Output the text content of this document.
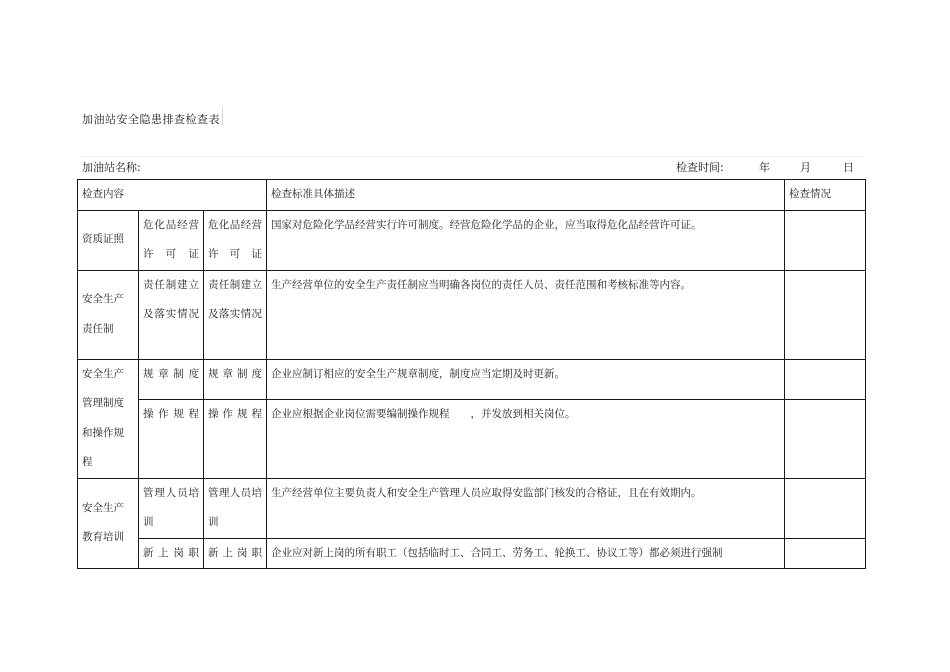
加油站安全隐患排查检查表
加油站名称:	检查时间:	年	月	日
检查内容			检查标准具体描述	检查情况
资质证照	危化品经营许可证	危化品经营许可证	国家对危险化学品经营实行许可制度。经营危险化学品的企业，应当取得危化品经营许可证。	
安全生产责任制	责任制建立及落实情况	责任制建立及落实情况	生产经营单位的安全生产责任制应当明确各岗位的责任人员、责任范围和考核标准等内容。	
安全生产管理制度和操作规程	规章制度	规章制度	企业应制订相应的安全生产规章制度，制度应当定期及时更新。	
	操作规程	操作规程	企业应根据企业岗位需要编制操作规程　　，并发放到相关岗位。	
安全生产教育培训	管理人员培训	管理人员培训	生产经营单位主要负责人和安全生产管理人员应取得安监部门核发的合格证，且在有效期内。	
	新上岗职	新上岗职	企业应对新上岗的所有职工（包括临时工、合同工、劳务工、轮换工、协议工等）都必须进行强制	
